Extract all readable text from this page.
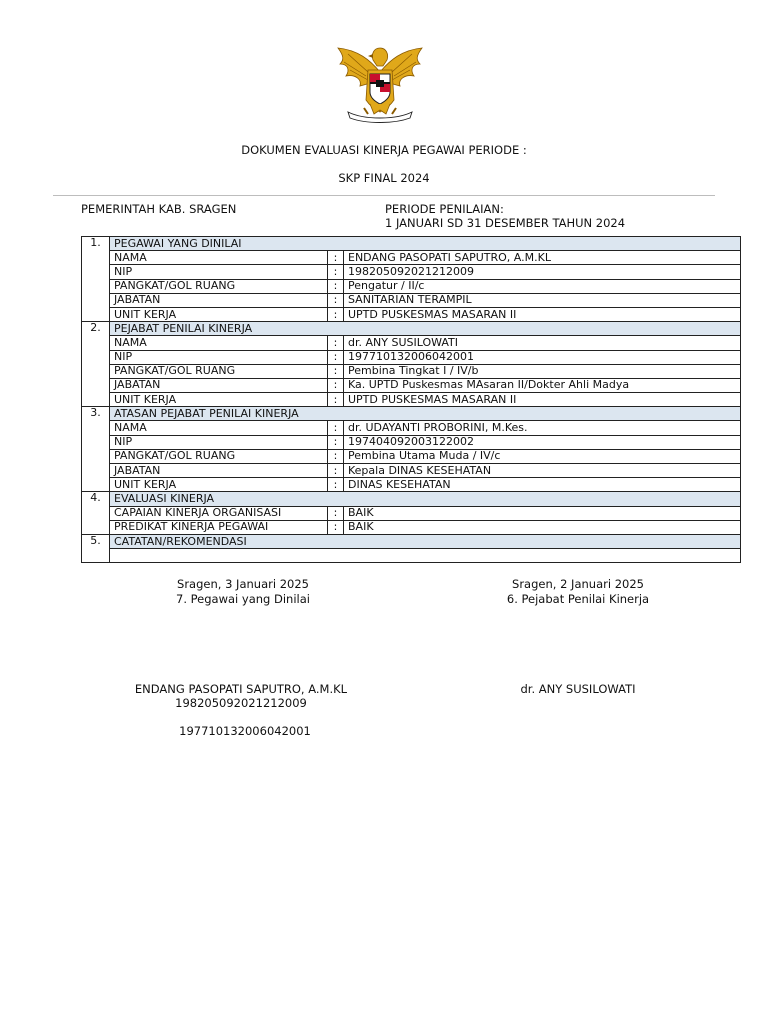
DOKUMEN EVALUASI KINERJA PEGAWAI PERIODE :
SKP FINAL 2024
PEMERINTAH KAB. SRAGEN	PERIODE PENILAIAN:
1 JANUARI SD 31 DESEMBER TAHUN 2024
1.	PEGAWAI YANG DINILAI		
	NAMA	:	ENDANG PASOPATI SAPUTRO, A.M.KL
	NIP	:	198205092021212009
	PANGKAT/GOL RUANG	:	Pengatur / II/c
	JABATAN	:	SANITARIAN TERAMPIL
	UNIT KERJA	:	UPTD PUSKESMAS MASARAN II
2.	PEJABAT PENILAI KINERJA		
	NAMA	:	dr. ANY SUSILOWATI
	NIP	:	197710132006042001
	PANGKAT/GOL RUANG	:	Pembina Tingkat I / IV/b
	JABATAN	:	Ka. UPTD Puskesmas MAsaran II/Dokter Ahli Madya
	UNIT KERJA	:	UPTD PUSKESMAS MASARAN II
3.	ATASAN PEJABAT PENILAI KINERJA		
	NAMA	:	dr. UDAYANTI PROBORINI, M.Kes.
	NIP	:	197404092003122002
	PANGKAT/GOL RUANG	:	Pembina Utama Muda / IV/c
	JABATAN	:	Kepala DINAS KESEHATAN
	UNIT KERJA	:	DINAS KESEHATAN
4.	EVALUASI KINERJA		
	CAPAIAN KINERJA ORGANISASI	:	BAIK
	PREDIKAT KINERJA PEGAWAI	:	BAIK
5.	CATATAN/REKOMENDASI		

Sragen, 3 Januari 2025
7. Pegawai yang Dinilai
Sragen, 2 Januari 2025
6. Pejabat Penilai Kinerja
ENDANG PASOPATI SAPUTRO, A.M.KL
198205092021212009
dr. ANY SUSILOWATI
197710132006042001
